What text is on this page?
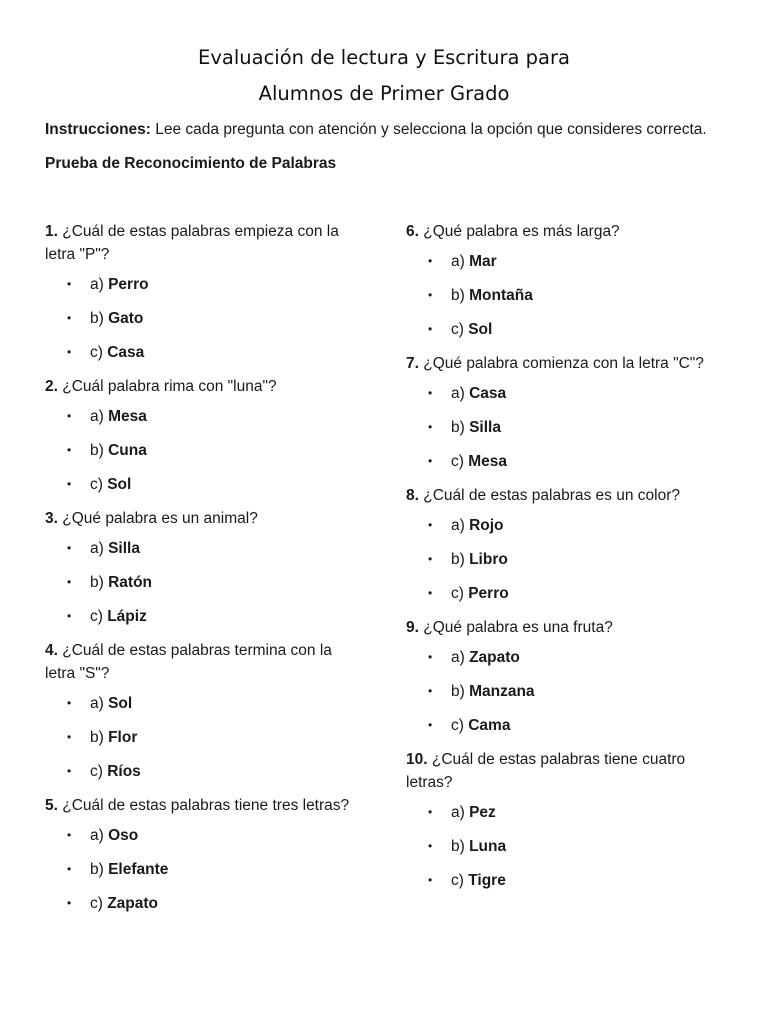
Evaluación de lectura y Escritura para
Alumnos de Primer Grado
Instrucciones: Lee cada pregunta con atención y selecciona la opción que consideres correcta.
Prueba de Reconocimiento de Palabras
1. ¿Cuál de estas palabras empieza con la letra "P"?
• a) Perro
• b) Gato
• c) Casa
2. ¿Cuál palabra rima con "luna"?
• a) Mesa
• b) Cuna
• c) Sol
3. ¿Qué palabra es un animal?
• a) Silla
• b) Ratón
• c) Lápiz
4. ¿Cuál de estas palabras termina con la letra "S"?
• a) Sol
• b) Flor
• c) Ríos
5. ¿Cuál de estas palabras tiene tres letras?
• a) Oso
• b) Elefante
• c) Zapato
6. ¿Qué palabra es más larga?
• a) Mar
• b) Montaña
• c) Sol
7. ¿Qué palabra comienza con la letra "C"?
• a) Casa
• b) Silla
• c) Mesa
8. ¿Cuál de estas palabras es un color?
• a) Rojo
• b) Libro
• c) Perro
9. ¿Qué palabra es una fruta?
• a) Zapato
• b) Manzana
• c) Cama
10. ¿Cuál de estas palabras tiene cuatro letras?
• a) Pez
• b) Luna
• c) Tigre
